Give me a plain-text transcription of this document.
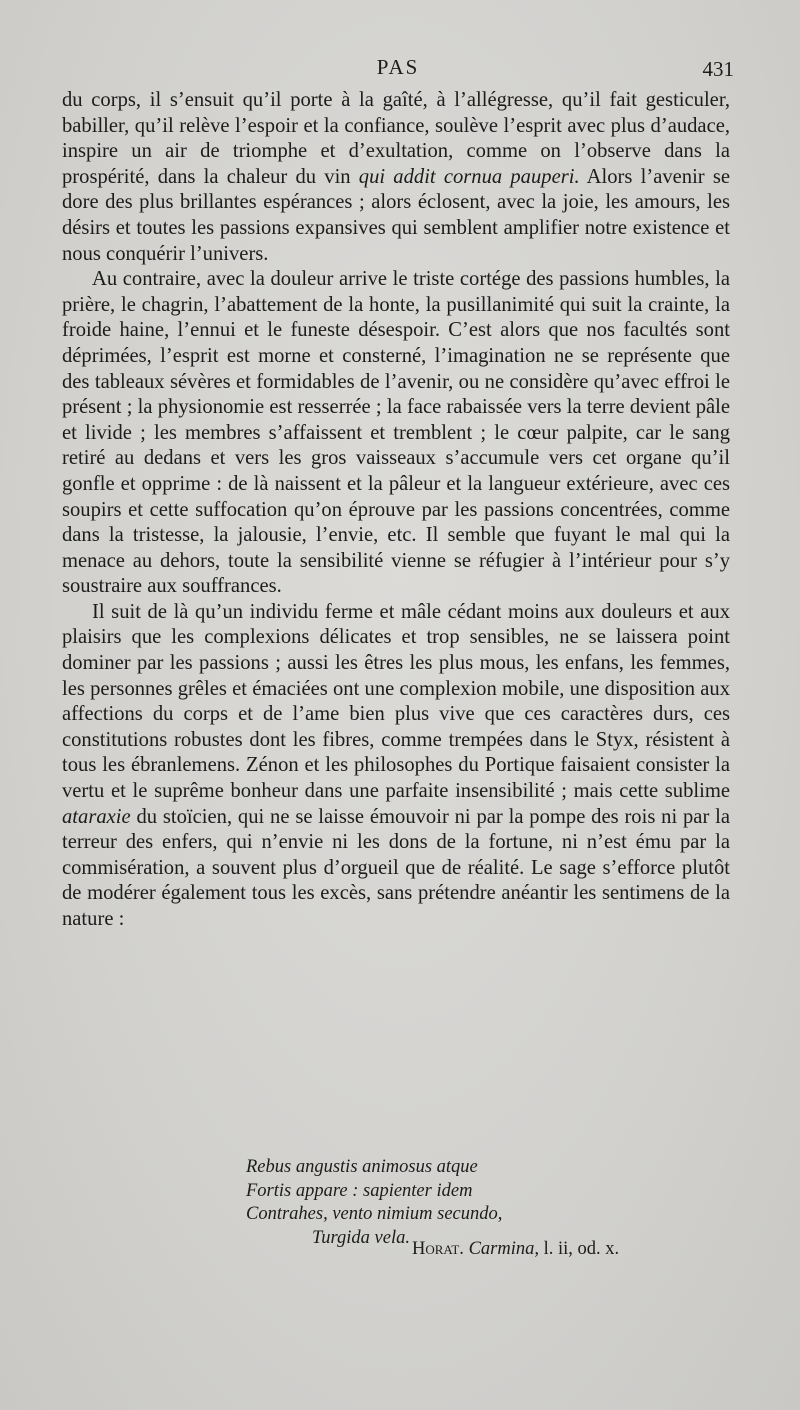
PAS	431

du corps, il s’ensuit qu’il porte à la gaîté, à l’allégresse, qu’il fait gesticuler, babiller, qu’il relève l’espoir et la confiance, soulève l’esprit avec plus d’audace, inspire un air de triomphe et d’exultation, comme on l’observe dans la prospérité, dans la chaleur du vin qui addit cornua pauperi. Alors l’avenir se dore des plus brillantes espérances ; alors éclosent, avec la joie, les amours, les désirs et toutes les passions expansives qui semblent amplifier notre existence et nous conquérir l’univers.

Au contraire, avec la douleur arrive le triste cortége des passions humbles, la prière, le chagrin, l’abattement de la honte, la pusillanimité qui suit la crainte, la froide haine, l’ennui et le funeste désespoir. C’est alors que nos facultés sont déprimées, l’esprit est morne et consterné, l’imagination ne se représente que des tableaux sévères et formidables de l’avenir, ou ne considère qu’avec effroi le présent ; la physionomie est resserrée ; la face rabaissée vers la terre devient pâle et livide ; les membres s’affaissent et tremblent ; le cœur palpite, car le sang retiré au dedans et vers les gros vaisseaux s’accumule vers cet organe qu’il gonfle et opprime : de là naissent et la pâleur et la langueur extérieure, avec ces soupirs et cette suffocation qu’on éprouve par les passions concentrées, comme dans la tristesse, la jalousie, l’envie, etc. Il semble que fuyant le mal qui la menace au dehors, toute la sensibilité vienne se réfugier à l’intérieur pour s’y soustraire aux souffrances.

Il suit de là qu’un individu ferme et mâle cédant moins aux douleurs et aux plaisirs que les complexions délicates et trop sensibles, ne se laissera point dominer par les passions ; aussi les êtres les plus mous, les enfans, les femmes, les personnes grêles et émaciées ont une complexion mobile, une disposition aux affections du corps et de l’ame bien plus vive que ces caractères durs, ces constitutions robustes dont les fibres, comme trempées dans le Styx, résistent à tous les ébranlemens. Zénon et les philosophes du Portique faisaient consister la vertu et le suprême bonheur dans une parfaite insensibilité ; mais cette sublime ataraxie du stoïcien, qui ne se laisse émouvoir ni par la pompe des rois ni par la terreur des enfers, qui n’envie ni les dons de la fortune, ni n’est ému par la commisération, a souvent plus d’orgueil que de réalité. Le sage s’efforce plutôt de modérer également tous les excès, sans prétendre anéantir les sentimens de la nature :

Rebus angustis animosus atque
Fortis appare : sapienter idem
Contrahes, vento nimium secundo,
Turgida vela.
Horat. Carmina, l. ii, od. x.
